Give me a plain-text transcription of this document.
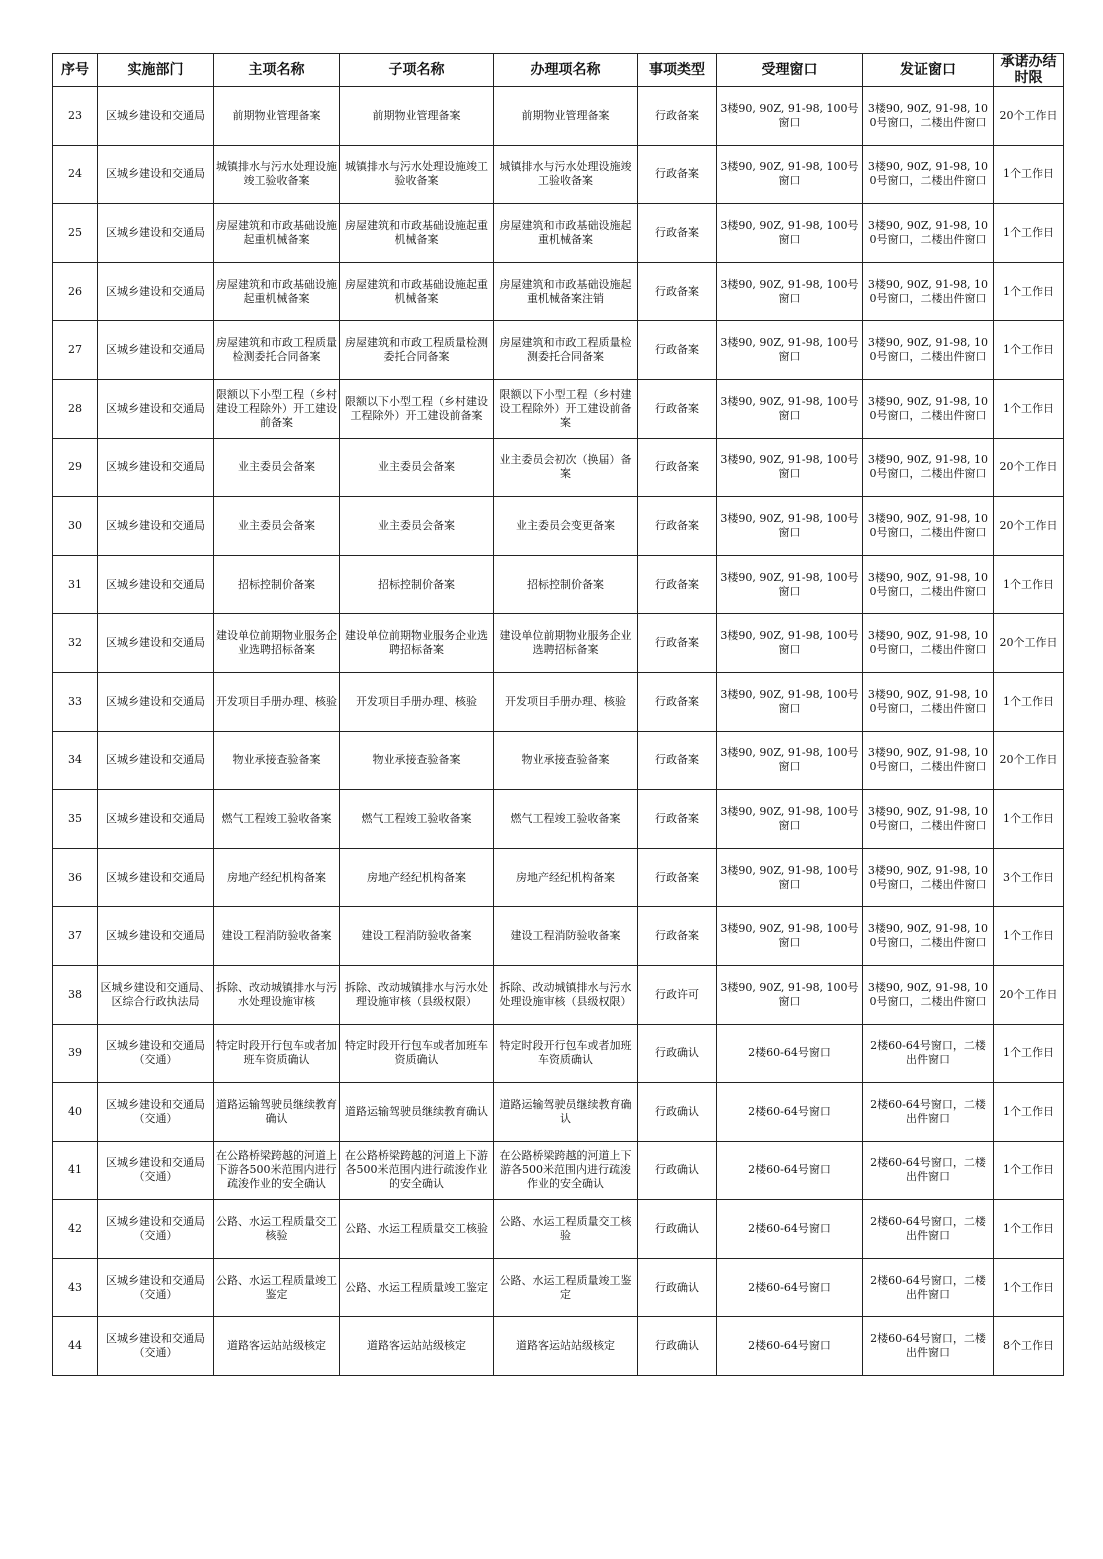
序号	实施部门	主项名称	子项名称	办理项名称	事项类型	受理窗口	发证窗口	承诺办结时限
23	区城乡建设和交通局	前期物业管理备案	前期物业管理备案	前期物业管理备案	行政备案	3楼90, 90Z, 91-98, 100号窗口	3楼90, 90Z, 91-98, 100号窗口，二楼出件窗口	20个工作日
24	区城乡建设和交通局	城镇排水与污水处理设施竣工验收备案	城镇排水与污水处理设施竣工验收备案	城镇排水与污水处理设施竣工验收备案	行政备案	3楼90, 90Z, 91-98, 100号窗口	3楼90, 90Z, 91-98, 100号窗口，二楼出件窗口	1个工作日
25	区城乡建设和交通局	房屋建筑和市政基础设施起重机械备案	房屋建筑和市政基础设施起重机械备案	房屋建筑和市政基础设施起重机械备案	行政备案	3楼90, 90Z, 91-98, 100号窗口	3楼90, 90Z, 91-98, 100号窗口，二楼出件窗口	1个工作日
26	区城乡建设和交通局	房屋建筑和市政基础设施起重机械备案	房屋建筑和市政基础设施起重机械备案	房屋建筑和市政基础设施起重机械备案注销	行政备案	3楼90, 90Z, 91-98, 100号窗口	3楼90, 90Z, 91-98, 100号窗口，二楼出件窗口	1个工作日
27	区城乡建设和交通局	房屋建筑和市政工程质量检测委托合同备案	房屋建筑和市政工程质量检测委托合同备案	房屋建筑和市政工程质量检测委托合同备案	行政备案	3楼90, 90Z, 91-98, 100号窗口	3楼90, 90Z, 91-98, 100号窗口，二楼出件窗口	1个工作日
28	区城乡建设和交通局	限额以下小型工程（乡村建设工程除外）开工建设前备案	限额以下小型工程（乡村建设工程除外）开工建设前备案	限额以下小型工程（乡村建设工程除外）开工建设前备案	行政备案	3楼90, 90Z, 91-98, 100号窗口	3楼90, 90Z, 91-98, 100号窗口，二楼出件窗口	1个工作日
29	区城乡建设和交通局	业主委员会备案	业主委员会备案	业主委员会初次（换届）备案	行政备案	3楼90, 90Z, 91-98, 100号窗口	3楼90, 90Z, 91-98, 100号窗口，二楼出件窗口	20个工作日
30	区城乡建设和交通局	业主委员会备案	业主委员会备案	业主委员会变更备案	行政备案	3楼90, 90Z, 91-98, 100号窗口	3楼90, 90Z, 91-98, 100号窗口，二楼出件窗口	20个工作日
31	区城乡建设和交通局	招标控制价备案	招标控制价备案	招标控制价备案	行政备案	3楼90, 90Z, 91-98, 100号窗口	3楼90, 90Z, 91-98, 100号窗口，二楼出件窗口	1个工作日
32	区城乡建设和交通局	建设单位前期物业服务企业选聘招标备案	建设单位前期物业服务企业选聘招标备案	建设单位前期物业服务企业选聘招标备案	行政备案	3楼90, 90Z, 91-98, 100号窗口	3楼90, 90Z, 91-98, 100号窗口，二楼出件窗口	20个工作日
33	区城乡建设和交通局	开发项目手册办理、核验	开发项目手册办理、核验	开发项目手册办理、核验	行政备案	3楼90, 90Z, 91-98, 100号窗口	3楼90, 90Z, 91-98, 100号窗口，二楼出件窗口	1个工作日
34	区城乡建设和交通局	物业承接查验备案	物业承接查验备案	物业承接查验备案	行政备案	3楼90, 90Z, 91-98, 100号窗口	3楼90, 90Z, 91-98, 100号窗口，二楼出件窗口	20个工作日
35	区城乡建设和交通局	燃气工程竣工验收备案	燃气工程竣工验收备案	燃气工程竣工验收备案	行政备案	3楼90, 90Z, 91-98, 100号窗口	3楼90, 90Z, 91-98, 100号窗口，二楼出件窗口	1个工作日
36	区城乡建设和交通局	房地产经纪机构备案	房地产经纪机构备案	房地产经纪机构备案	行政备案	3楼90, 90Z, 91-98, 100号窗口	3楼90, 90Z, 91-98, 100号窗口，二楼出件窗口	3个工作日
37	区城乡建设和交通局	建设工程消防验收备案	建设工程消防验收备案	建设工程消防验收备案	行政备案	3楼90, 90Z, 91-98, 100号窗口	3楼90, 90Z, 91-98, 100号窗口，二楼出件窗口	1个工作日
38	区城乡建设和交通局、区综合行政执法局	拆除、改动城镇排水与污水处理设施审核	拆除、改动城镇排水与污水处理设施审核（县级权限）	拆除、改动城镇排水与污水处理设施审核（县级权限）	行政许可	3楼90, 90Z, 91-98, 100号窗口	3楼90, 90Z, 91-98, 100号窗口，二楼出件窗口	20个工作日
39	区城乡建设和交通局（交通）	特定时段开行包车或者加班车资质确认	特定时段开行包车或者加班车资质确认	特定时段开行包车或者加班车资质确认	行政确认	2楼60-64号窗口	2楼60-64号窗口，二楼出件窗口	1个工作日
40	区城乡建设和交通局（交通）	道路运输驾驶员继续教育确认	道路运输驾驶员继续教育确认	道路运输驾驶员继续教育确认	行政确认	2楼60-64号窗口	2楼60-64号窗口，二楼出件窗口	1个工作日
41	区城乡建设和交通局（交通）	在公路桥梁跨越的河道上下游各500米范围内进行疏浚作业的安全确认	在公路桥梁跨越的河道上下游各500米范围内进行疏浚作业的安全确认	在公路桥梁跨越的河道上下游各500米范围内进行疏浚作业的安全确认	行政确认	2楼60-64号窗口	2楼60-64号窗口，二楼出件窗口	1个工作日
42	区城乡建设和交通局（交通）	公路、水运工程质量交工核验	公路、水运工程质量交工核验	公路、水运工程质量交工核验	行政确认	2楼60-64号窗口	2楼60-64号窗口，二楼出件窗口	1个工作日
43	区城乡建设和交通局（交通）	公路、水运工程质量竣工鉴定	公路、水运工程质量竣工鉴定	公路、水运工程质量竣工鉴定	行政确认	2楼60-64号窗口	2楼60-64号窗口，二楼出件窗口	1个工作日
44	区城乡建设和交通局（交通）	道路客运站站级核定	道路客运站站级核定	道路客运站站级核定	行政确认	2楼60-64号窗口	2楼60-64号窗口，二楼出件窗口	8个工作日
